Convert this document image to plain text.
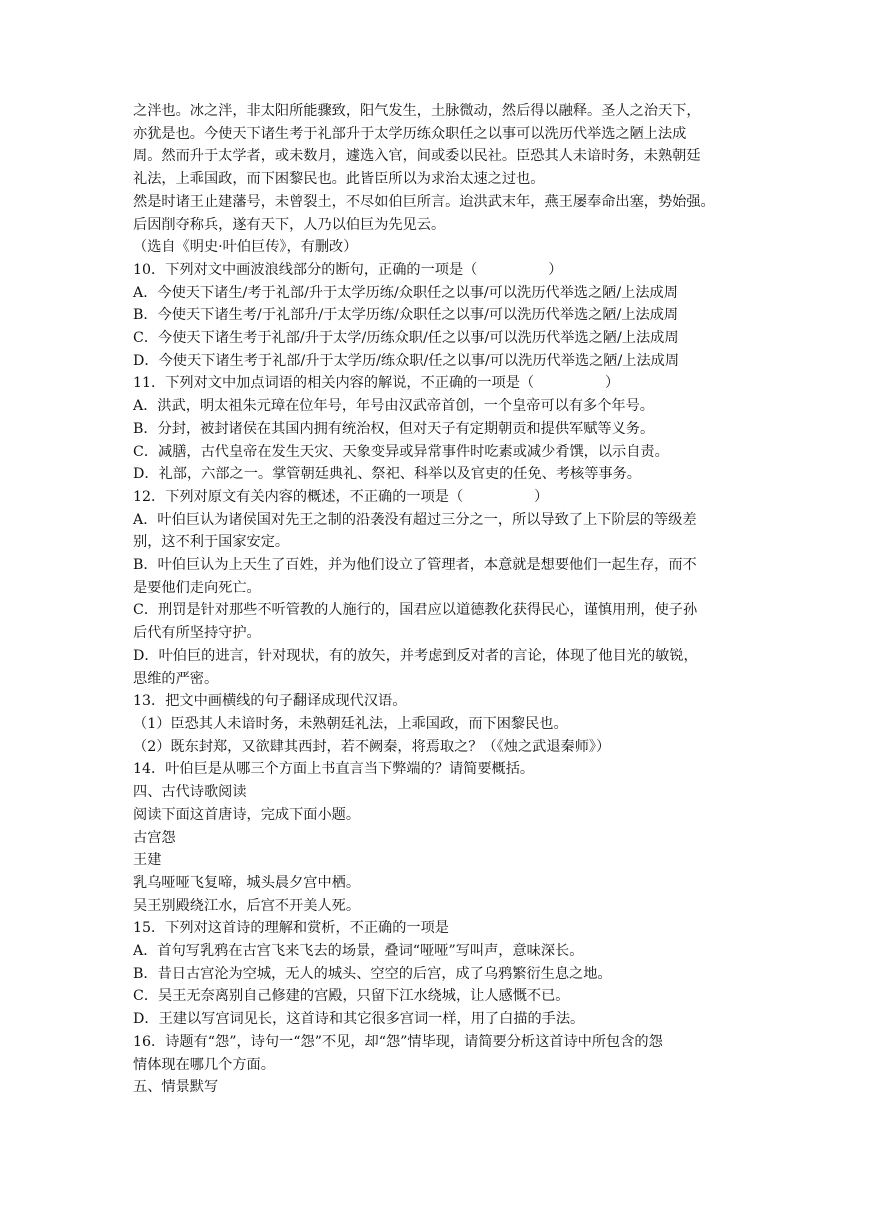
之泮也。冰之泮，非太阳所能骤致，阳气发生，土脉微动，然后得以融释。圣人之治天下，
亦犹是也。今使天下诸生考于礼部升于太学历练众职任之以事可以洗历代举选之陋上法成
周。然而升于太学者，或未数月，遽选入官，间或委以民社。臣恐其人未谙时务，未熟朝廷
礼法，上乖国政，而下困黎民也。此皆臣所以为求治太速之过也。
然是时诸王止建藩号，未曾裂土，不尽如伯巨所言。迨洪武末年，燕王屡奉命出塞，势始强。
后因削夺称兵，遂有天下，人乃以伯巨为先见云。
（选自《明史·叶伯巨传》，有删改）
10．下列对文中画波浪线部分的断句，正确的一项是（　　　　　）
A．今使天下诸生/考于礼部/升于太学历练/众职任之以事/可以洗历代举选之陋/上法成周
B．今使天下诸生考/于礼部升/于太学历练/众职任之以事/可以洗历代举选之陋/上法成周
C．今使天下诸生考于礼部/升于太学/历练众职/任之以事/可以洗历代举选之陋/上法成周
D．今使天下诸生考于礼部/升于太学历/练众职/任之以事/可以洗历代举选之陋/上法成周
11．下列对文中加点词语的相关内容的解说，不正确的一项是（　　　　　）
A．洪武，明太祖朱元璋在位年号，年号由汉武帝首创，一个皇帝可以有多个年号。
B．分封，被封诸侯在其国内拥有统治权，但对天子有定期朝贡和提供军赋等义务。
C．减膳，古代皇帝在发生天灾、天象变异或异常事件时吃素或减少肴馔，以示自责。
D．礼部，六部之一。掌管朝廷典礼、祭祀、科举以及官吏的任免、考核等事务。
12．下列对原文有关内容的概述，不正确的一项是（　　　　　）
A．叶伯巨认为诸侯国对先王之制的沿袭没有超过三分之一，所以导致了上下阶层的等级差
别，这不利于国家安定。
B．叶伯巨认为上天生了百姓，并为他们设立了管理者，本意就是想要他们一起生存，而不
是要他们走向死亡。
C．刑罚是针对那些不听管教的人施行的，国君应以道德教化获得民心，谨慎用刑，使子孙
后代有所坚持守护。
D．叶伯巨的进言，针对现状，有的放矢，并考虑到反对者的言论，体现了他目光的敏锐，
思维的严密。
13．把文中画横线的句子翻译成现代汉语。
（1）臣恐其人未谙时务，未熟朝廷礼法，上乖国政，而下困黎民也。
（2）既东封郑，又欲肆其西封，若不阙秦，将焉取之？（《烛之武退秦师》）
14．叶伯巨是从哪三个方面上书直言当下弊端的？请简要概括。
四、古代诗歌阅读
阅读下面这首唐诗，完成下面小题。
古宫怨
王建
乳乌哑哑飞复啼，城头晨夕宫中栖。
吴王别殿绕江水，后宫不开美人死。
15．下列对这首诗的理解和赏析，不正确的一项是
A．首句写乳鸦在古宫飞来飞去的场景，叠词“哑哑”写叫声，意味深长。
B．昔日古宫沦为空城，无人的城头、空空的后宫，成了乌鸦繁衍生息之地。
C．吴王无奈离别自己修建的宫殿，只留下江水绕城，让人感慨不已。
D．王建以写宫词见长，这首诗和其它很多宫词一样，用了白描的手法。
16．诗题有“怨”，诗句一“怨”不见，却“怨”情毕现，请简要分析这首诗中所包含的怨
情体现在哪几个方面。
五、情景默写
